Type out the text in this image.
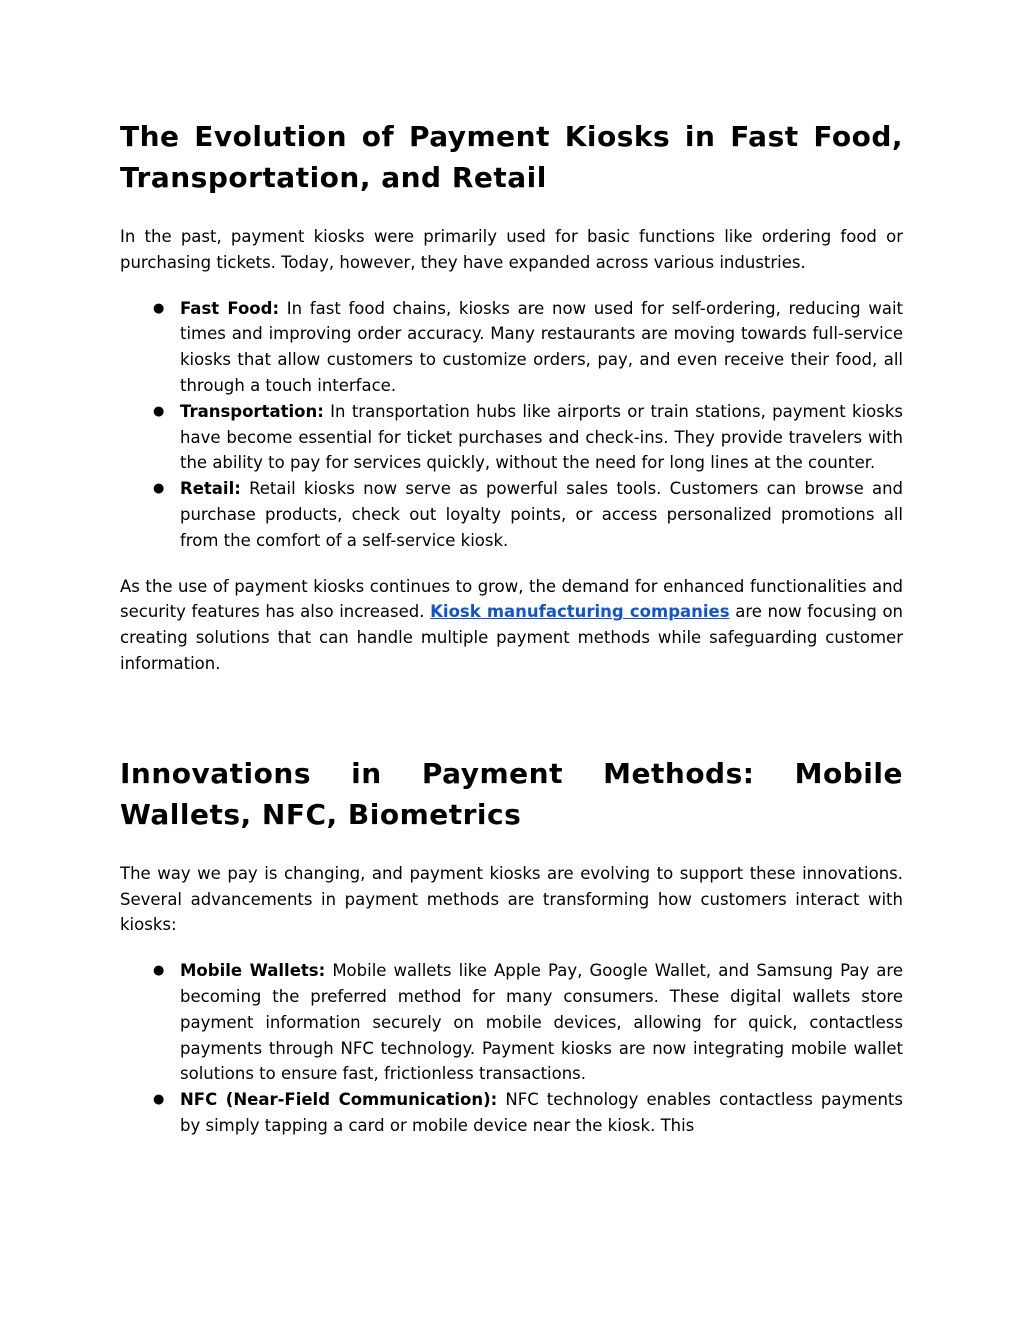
The Evolution of Payment Kiosks in Fast Food, Transportation, and Retail

In the past, payment kiosks were primarily used for basic functions like ordering food or purchasing tickets. Today, however, they have expanded across various industries.

● Fast Food: In fast food chains, kiosks are now used for self-ordering, reducing wait times and improving order accuracy. Many restaurants are moving towards full-service kiosks that allow customers to customize orders, pay, and even receive their food, all through a touch interface.
● Transportation: In transportation hubs like airports or train stations, payment kiosks have become essential for ticket purchases and check-ins. They provide travelers with the ability to pay for services quickly, without the need for long lines at the counter.
● Retail: Retail kiosks now serve as powerful sales tools. Customers can browse and purchase products, check out loyalty points, or access personalized promotions all from the comfort of a self-service kiosk.

As the use of payment kiosks continues to grow, the demand for enhanced functionalities and security features has also increased. Kiosk manufacturing companies are now focusing on creating solutions that can handle multiple payment methods while safeguarding customer information.

Innovations in Payment Methods: Mobile Wallets, NFC, Biometrics

The way we pay is changing, and payment kiosks are evolving to support these innovations. Several advancements in payment methods are transforming how customers interact with kiosks:

● Mobile Wallets: Mobile wallets like Apple Pay, Google Wallet, and Samsung Pay are becoming the preferred method for many consumers. These digital wallets store payment information securely on mobile devices, allowing for quick, contactless payments through NFC technology. Payment kiosks are now integrating mobile wallet solutions to ensure fast, frictionless transactions.
● NFC (Near-Field Communication): NFC technology enables contactless payments by simply tapping a card or mobile device near the kiosk. This
